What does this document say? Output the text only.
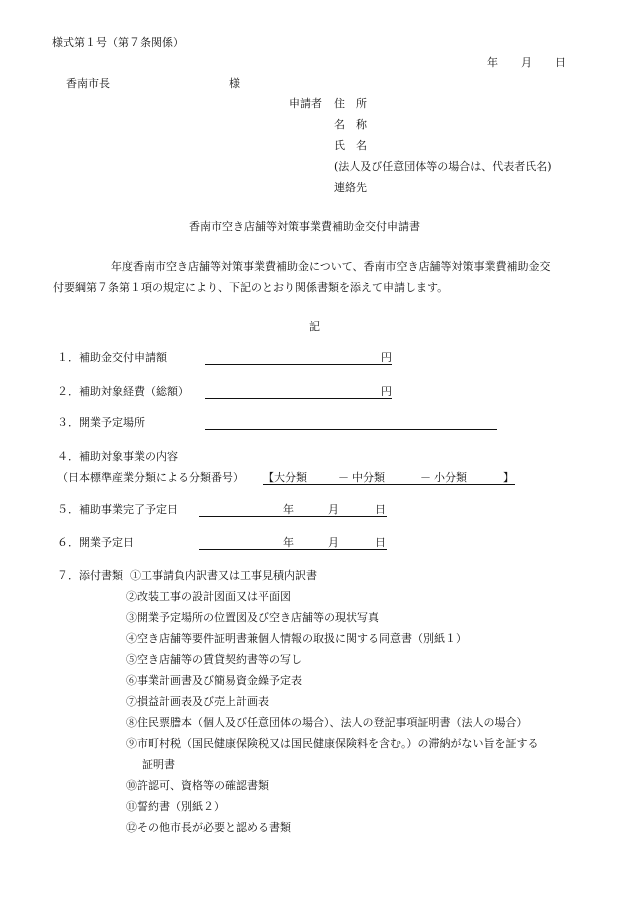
様式第１号（第７条関係）
年 月 日
香南市長	様
申請者 住　所
名　称
氏　名
(法人及び任意団体等の場合は、代表者氏名)
連絡先
香南市空き店舗等対策事業費補助金交付申請書
年度香南市空き店舗等対策事業費補助金について、香南市空き店舗等対策事業費補助金交
付要綱第７条第１項の規定により、下記のとおり関係書類を添えて申請します。
記
１．補助金交付申請額	円
２．補助対象経費（総額）	円
３．開業予定場所
４．補助対象事業の内容
（日本標準産業分類による分類番号） 【 大分類	－ 中分類	－ 小分類	】
５．補助事業完了予定日	年	月	日
６．開業予定日	年	月	日
７．添付書類 ①工事請負内訳書又は工事見積内訳書
②改装工事の設計図面又は平面図
③開業予定場所の位置図及び空き店舗等の現状写真
④空き店舗等要件証明書兼個人情報の取扱に関する同意書（別紙１）
⑤空き店舗等の賃貸契約書等の写し
⑥事業計画書及び簡易資金繰予定表
⑦損益計画表及び売上計画表
⑧住民票謄本（個人及び任意団体の場合）、法人の登記事項証明書（法人の場合）
⑨市町村税（国民健康保険税又は国民健康保険料を含む。）の滞納がない旨を証する
証明書
⑩許認可、資格等の確認書類
⑪誓約書（別紙２）
⑫その他市長が必要と認める書類
